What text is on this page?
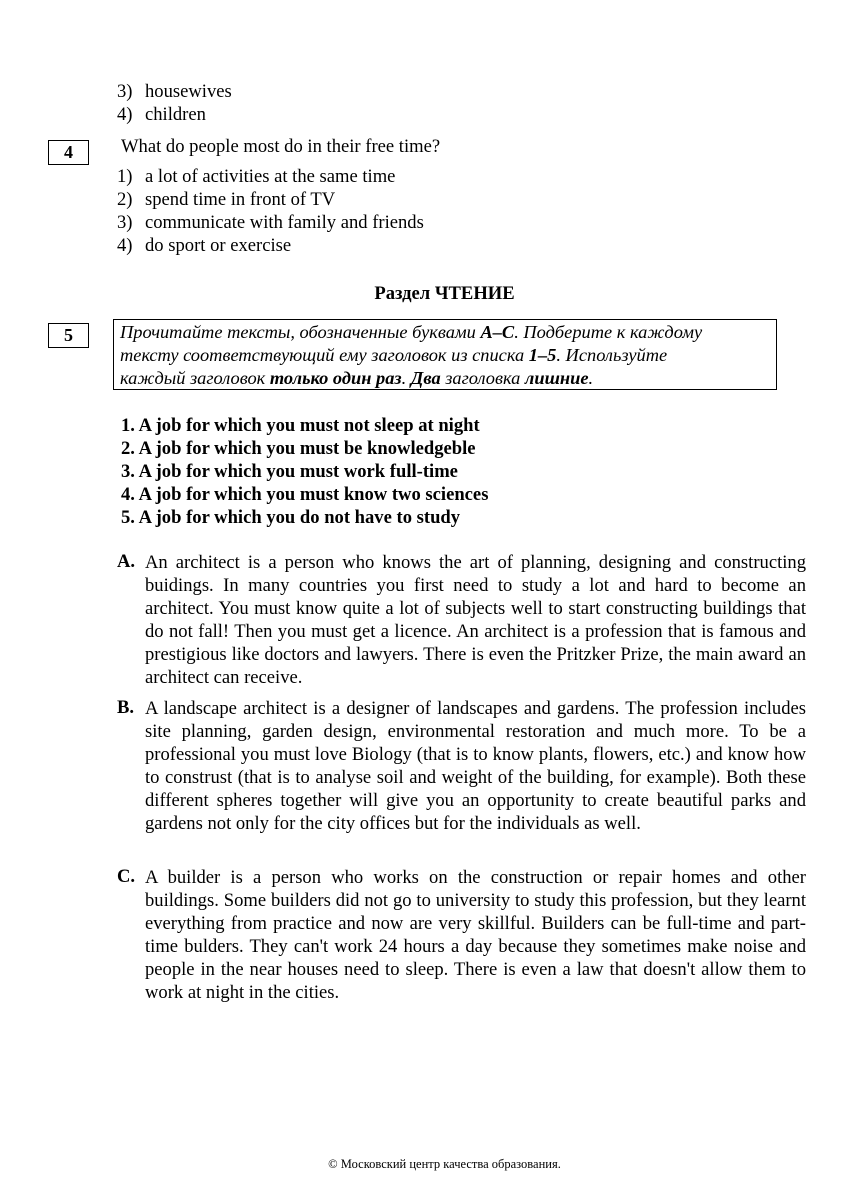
3) housewives
4) children
4	What do people most do in their free time?
1) a lot of activities at the same time
2) spend time in front of TV
3) communicate with family and friends
4) do sport or exercise
Раздел ЧТЕНИЕ
5	Прочитайте тексты, обозначенные буквами A–C. Подберите к каждому

тексту соответствующий ему заголовок из списка 1–5. Используйте

каждый заголовок только один раз. Два заголовка лишние.

1. A job for which you must not sleep at night
2. A job for which you must be knowledgeble
3. A job for which you must work full-time
4. A job for which you must know two sciences
5. A job for which you do not have to study
A. An architect is a person who knows the art of planning, designing and constructing buidings. In many countries you first need to study a lot and hard to become an architect. You must know quite a lot of subjects well to start constructing buildings that do not fall! Then you must get a licence. An architect is a profession that is famous and prestigious like doctors and lawyers. There is even the Pritzker Prize, the main award an architect can receive.
B. A landscape architect is a designer of landscapes and gardens. The profession includes site planning, garden design, environmental restoration and much more. To be a professional you must love Biology (that is to know plants, flowers, etc.) and know how to construst (that is to analyse soil and weight of the building, for example). Both these different spheres together will give you an opportunity to create beautiful parks and gardens not only for the city offices but for the individuals as well.
C. A builder is a person who works on the construction or repair homes and other buildings. Some builders did not go to university to study this profession, but they learnt everything from practice and now are very skillful. Builders can be full-time and part-time bulders. They can't work 24 hours a day because they sometimes make noise and people in the near houses need to sleep. There is even a law that doesn't allow them to work at night in the cities.
© Московский центр качества образования.
